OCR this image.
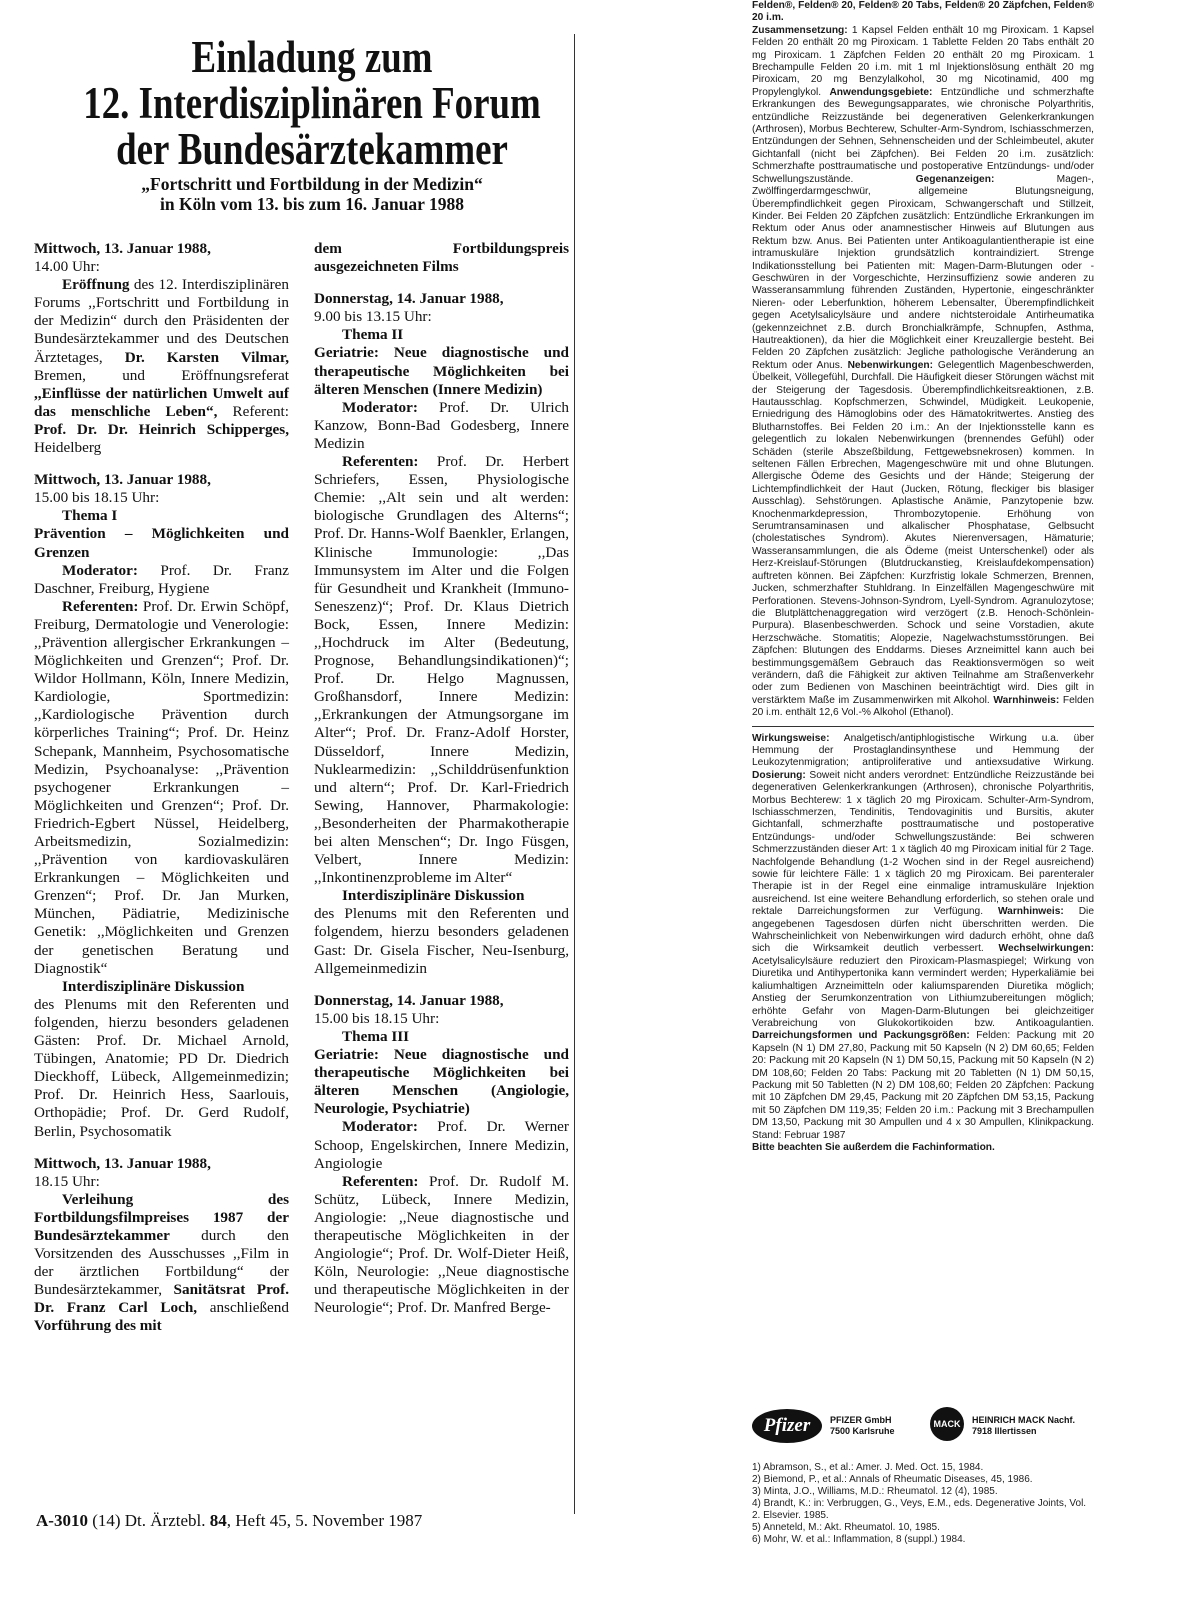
Einladung zum
12. Interdisziplinären Forum
der Bundesärztekammer
„Fortschritt und Fortbildung in der Medizin“
in Köln vom 13. bis zum 16. Januar 1988

Mittwoch, 13. Januar 1988,

14.00 Uhr:

Eröffnung des 12. Interdisziplinären Forums ,,Fortschritt und Fortbildung in der Medizin“ durch den Präsidenten der Bundesärztekammer und des Deutschen Ärztetages, Dr. Karsten Vilmar, Bremen, und Eröffnungsreferat ,,Einflüsse der natürlichen Umwelt auf das menschliche Leben“, Referent: Prof. Dr. Dr. Heinrich Schipperges, Heidelberg

Mittwoch, 13. Januar 1988,

15.00 bis 18.15 Uhr:

Thema I

Prävention – Möglichkeiten und Grenzen

Moderator: Prof. Dr. Franz Daschner, Freiburg, Hygiene

Referenten: Prof. Dr. Erwin Schöpf, Freiburg, Dermatologie und Venerologie: ,,Prävention allergischer Erkrankungen – Möglichkeiten und Grenzen“; Prof. Dr. Wildor Hollmann, Köln, Innere Medizin, Kardiologie, Sportmedizin: ,,Kardiologische Prävention durch körperliches Training“; Prof. Dr. Heinz Schepank, Mannheim, Psychosomatische Medizin, Psychoanalyse: ,,Prävention psychogener Erkrankungen – Möglichkeiten und Grenzen“; Prof. Dr. Friedrich-Egbert Nüssel, Heidelberg, Arbeitsmedizin, Sozialmedizin: ,,Prävention von kardiovaskulären Erkrankungen – Möglichkeiten und Grenzen“; Prof. Dr. Jan Murken, München, Pädiatrie, Medizinische Genetik: ,,Möglichkeiten und Grenzen der genetischen Beratung und Diagnostik“

Interdisziplinäre Diskussion

des Plenums mit den Referenten und folgenden, hierzu besonders geladenen Gästen: Prof. Dr. Michael Arnold, Tübingen, Anatomie; PD Dr. Diedrich Dieckhoff, Lübeck, Allgemeinmedizin; Prof. Dr. Heinrich Hess, Saarlouis, Orthopädie; Prof. Dr. Gerd Rudolf, Berlin, Psychosomatik

Mittwoch, 13. Januar 1988,

18.15 Uhr:

Verleihung des Fortbildungsfilmpreises 1987 der Bundesärztekammer durch den Vorsitzenden des Ausschusses ,,Film in der ärztlichen Fortbildung“ der Bundesärztekammer, Sanitätsrat Prof. Dr. Franz Carl Loch, anschließend Vorführung des mit

dem Fortbildungspreis ausgezeichneten Films

Donnerstag, 14. Januar 1988,

9.00 bis 13.15 Uhr:

Thema II

Geriatrie: Neue diagnostische und therapeutische Möglichkeiten bei älteren Menschen (Innere Medizin)

Moderator: Prof. Dr. Ulrich Kanzow, Bonn-Bad Godesberg, Innere Medizin

Referenten: Prof. Dr. Herbert Schriefers, Essen, Physiologische Chemie: ,,Alt sein und alt werden: biologische Grundlagen des Alterns“; Prof. Dr. Hanns-Wolf Baenkler, Erlangen, Klinische Immunologie: ,,Das Immunsystem im Alter und die Folgen für Gesundheit und Krankheit (Immuno-Seneszenz)“; Prof. Dr. Klaus Dietrich Bock, Essen, Innere Medizin: ,,Hochdruck im Alter (Bedeutung, Prognose, Behandlungsindikationen)“; Prof. Dr. Helgo Magnussen, Großhansdorf, Innere Medizin: ,,Erkrankungen der Atmungsorgane im Alter“; Prof. Dr. Franz-Adolf Horster, Düsseldorf, Innere Medizin, Nuklearmedizin: ,,Schilddrüsenfunktion und altern“; Prof. Dr. Karl-Friedrich Sewing, Hannover, Pharmakologie: ,,Besonderheiten der Pharmakotherapie bei alten Menschen“; Dr. Ingo Füsgen, Velbert, Innere Medizin: ,,Inkontinenzprobleme im Alter“

Interdisziplinäre Diskussion

des Plenums mit den Referenten und folgendem, hierzu besonders geladenen Gast: Dr. Gisela Fischer, Neu-Isenburg, Allgemeinmedizin

Donnerstag, 14. Januar 1988,

15.00 bis 18.15 Uhr:

Thema III

Geriatrie: Neue diagnostische und therapeutische Möglichkeiten bei älteren Menschen (Angiologie, Neurologie, Psychiatrie)

Moderator: Prof. Dr. Werner Schoop, Engelskirchen, Innere Medizin, Angiologie

Referenten: Prof. Dr. Rudolf M. Schütz, Lübeck, Innere Medizin, Angiologie: ,,Neue diagnostische und therapeutische Möglichkeiten in der Angiologie“; Prof. Dr. Wolf-Dieter Heiß, Köln, Neurologie: ,,Neue diagnostische und therapeutische Möglichkeiten in der Neurologie“; Prof. Dr. Manfred Berge-

A-3010 (14) Dt. Ärztebl. 84, Heft 45, 5. November 1987

Felden®, Felden® 20, Felden® 20 Tabs, Felden® 20 Zäpfchen, Felden® 20 i.m.

Zusammensetzung: 1 Kapsel Felden enthält 10 mg Piroxicam. 1 Kapsel Felden 20 enthält 20 mg Piroxicam. 1 Tablette Felden 20 Tabs enthält 20 mg Piroxicam. 1 Zäpfchen Felden 20 enthält 20 mg Piroxicam. 1 Brechampulle Felden 20 i.m. mit 1 ml Injektionslösung enthält 20 mg Piroxicam, 20 mg Benzylalkohol, 30 mg Nicotinamid, 400 mg Propylenglykol. Anwendungsgebiete: Entzündliche und schmerzhafte Erkrankungen des Bewegungsapparates, wie chronische Polyarthritis, entzündliche Reizzustände bei degenerativen Gelenkerkrankungen (Arthrosen), Morbus Bechterew, Schulter-Arm-Syndrom, Ischiasschmerzen, Entzündungen der Sehnen, Sehnenscheiden und der Schleimbeutel, akuter Gichtanfall (nicht bei Zäpfchen). Bei Felden 20 i.m. zusätzlich: Schmerzhafte posttraumatische und postoperative Entzündungs- und/oder Schwellungszustände. Gegenanzeigen: Magen-, Zwölffingerdarmgeschwür, allgemeine Blutungsneigung, Überempfindlichkeit gegen Piroxicam, Schwangerschaft und Stillzeit, Kinder. Bei Felden 20 Zäpfchen zusätzlich: Entzündliche Erkrankungen im Rektum oder Anus oder anamnestischer Hinweis auf Blutungen aus Rektum bzw. Anus. Bei Patienten unter Antikoagulantientherapie ist eine intramuskuläre Injektion grundsätzlich kontraindiziert. Strenge Indikationsstellung bei Patienten mit: Magen-Darm-Blutungen oder -Geschwüren in der Vorgeschichte, Herzinsuffizienz sowie anderen zu Wasseransammlung führenden Zuständen, Hypertonie, eingeschränkter Nieren- oder Leberfunktion, höherem Lebensalter, Überempfindlichkeit gegen Acetylsalicylsäure und andere nichtsteroidale Antirheumatika (gekennzeichnet z.B. durch Bronchialkrämpfe, Schnupfen, Asthma, Hautreaktionen), da hier die Möglichkeit einer Kreuzallergie besteht. Bei Felden 20 Zäpfchen zusätzlich: Jegliche pathologische Veränderung an Rektum oder Anus. Nebenwirkungen: Gelegentlich Magenbeschwerden, Übelkeit, Völlegefühl, Durchfall. Die Häufigkeit dieser Störungen wächst mit der Steigerung der Tagesdosis. Überempfindlichkeitsreaktionen, z.B. Hautausschlag. Kopfschmerzen, Schwindel, Müdigkeit. Leukopenie, Erniedrigung des Hämoglobins oder des Hämatokritwertes. Anstieg des Blutharnstoffes. Bei Felden 20 i.m.: An der Injektionsstelle kann es gelegentlich zu lokalen Nebenwirkungen (brennendes Gefühl) oder Schäden (sterile Abszeßbildung, Fettgewebsnekrosen) kommen. In seltenen Fällen Erbrechen, Magengeschwüre mit und ohne Blutungen. Allergische Ödeme des Gesichts und der Hände; Steigerung der Lichtempfindlichkeit der Haut (Jucken, Rötung, fleckiger bis blasiger Ausschlag). Sehstörungen. Aplastische Anämie, Panzytopenie bzw. Knochenmarkdepression, Thrombozytopenie. Erhöhung von Serumtransaminasen und alkalischer Phosphatase, Gelbsucht (cholestatisches Syndrom). Akutes Nierenversagen, Hämaturie; Wasseransammlungen, die als Ödeme (meist Unterschenkel) oder als Herz-Kreislauf-Störungen (Blutdruckanstieg, Kreislaufdekompensation) auftreten können. Bei Zäpfchen: Kurzfristig lokale Schmerzen, Brennen, Jucken, schmerzhafter Stuhldrang. In Einzelfällen Magengeschwüre mit Perforationen. Stevens-Johnson-Syndrom, Lyell-Syndrom. Agranulozytose; die Blutplättchenaggregation wird verzögert (z.B. Henoch-Schönlein-Purpura). Blasenbeschwerden. Schock und seine Vorstadien, akute Herzschwäche. Stomatitis; Alopezie, Nagelwachstumsstörungen. Bei Zäpfchen: Blutungen des Enddarms. Dieses Arzneimittel kann auch bei bestimmungsgemäßem Gebrauch das Reaktionsvermögen so weit verändern, daß die Fähigkeit zur aktiven Teilnahme am Straßenverkehr oder zum Bedienen von Maschinen beeinträchtigt wird. Dies gilt in verstärktem Maße im Zusammenwirken mit Alkohol. Warnhinweis: Felden 20 i.m. enthält 12,6 Vol.-% Alkohol (Ethanol).

Wirkungsweise: Analgetisch/antiphlogistische Wirkung u.a. über Hemmung der Prostaglandinsynthese und Hemmung der Leukozytenmigration; antiproliferative und antiexsudative Wirkung. Dosierung: Soweit nicht anders verordnet: Entzündliche Reizzustände bei degenerativen Gelenkerkrankungen (Arthrosen), chronische Polyarthritis, Morbus Bechterew: 1 x täglich 20 mg Piroxicam. Schulter-Arm-Syndrom, Ischiasschmerzen, Tendinitis, Tendovaginitis und Bursitis, akuter Gichtanfall, schmerzhafte posttraumatische und postoperative Entzündungs- und/oder Schwellungszustände: Bei schweren Schmerzzuständen dieser Art: 1 x täglich 40 mg Piroxicam initial für 2 Tage. Nachfolgende Behandlung (1-2 Wochen sind in der Regel ausreichend) sowie für leichtere Fälle: 1 x täglich 20 mg Piroxicam. Bei parenteraler Therapie ist in der Regel eine einmalige intramuskuläre Injektion ausreichend. Ist eine weitere Behandlung erforderlich, so stehen orale und rektale Darreichungsformen zur Verfügung. Warnhinweis: Die angegebenen Tagesdosen dürfen nicht überschritten werden. Die Wahrscheinlichkeit von Nebenwirkungen wird dadurch erhöht, ohne daß sich die Wirksamkeit deutlich verbessert. Wechselwirkungen: Acetylsalicylsäure reduziert den Piroxicam-Plasmaspiegel; Wirkung von Diuretika und Antihypertonika kann vermindert werden; Hyperkaliämie bei kaliumhaltigen Arzneimitteln oder kaliumsparenden Diuretika möglich; Anstieg der Serumkonzentration von Lithiumzubereitungen möglich; erhöhte Gefahr von Magen-Darm-Blutungen bei gleichzeitiger Verabreichung von Glukokortikoiden bzw. Antikoagulantien. Darreichungsformen und Packungsgrößen: Felden: Packung mit 20 Kapseln (N 1) DM 27,80, Packung mit 50 Kapseln (N 2) DM 60,65; Felden 20: Packung mit 20 Kapseln (N 1) DM 50,15, Packung mit 50 Kapseln (N 2) DM 108,60; Felden 20 Tabs: Packung mit 20 Tabletten (N 1) DM 50,15, Packung mit 50 Tabletten (N 2) DM 108,60; Felden 20 Zäpfchen: Packung mit 10 Zäpfchen DM 29,45, Packung mit 20 Zäpfchen DM 53,15, Packung mit 50 Zäpfchen DM 119,35; Felden 20 i.m.: Packung mit 3 Brechampullen DM 13,50, Packung mit 30 Ampullen und 4 x 30 Ampullen, Klinikpackung. Stand: Februar 1987

Bitte beachten Sie außerdem die Fachinformation.

Pfizer	PFIZER GmbH
7500 Karlsruhe
MACK	HEINRICH MACK Nachf.
7918 Illertissen

1) Abramson, S., et al.: Amer. J. Med. Oct. 15, 1984.

2) Biemond, P., et al.: Annals of Rheumatic Diseases, 45, 1986.

3) Minta, J.O., Williams, M.D.: Rheumatol. 12 (4), 1985.

4) Brandt, K.: in: Verbruggen, G., Veys, E.M., eds. Degenerative Joints, Vol. 2. Elsevier. 1985.

5) Anneteld, M.: Akt. Rheumatol. 10, 1985.

6) Mohr, W. et al.: Inflammation, 8 (suppl.) 1984.
